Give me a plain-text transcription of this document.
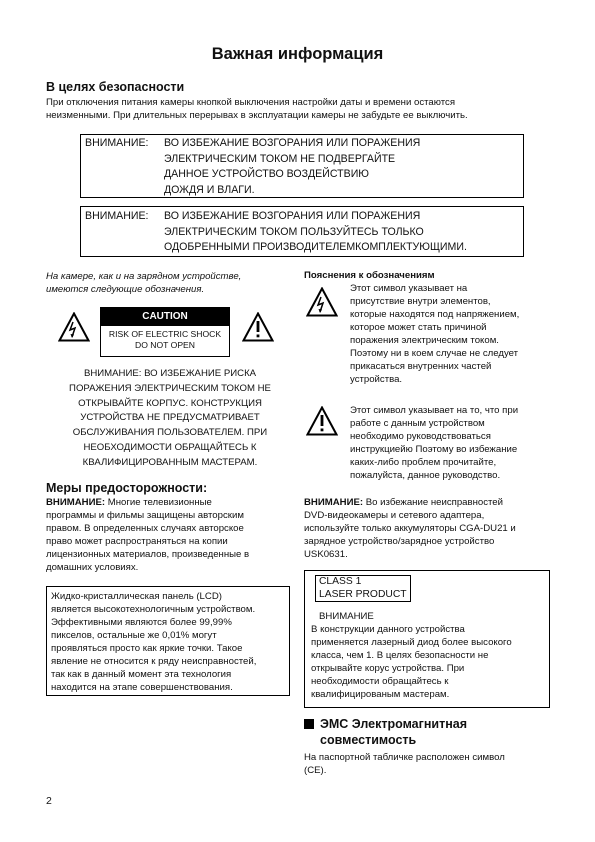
Важная информация
В целях безопасности
При отключения питания камеры кнопкой выключения настройки даты и времени остаются
неизменными. При длительных перерывах в эксплуатации камеры не забудьте ее выключить.
ВНИМАНИЕ: ВО ИЗБЕЖАНИЕ ВОЗГОРАНИЯ ИЛИ ПОРАЖЕНИЯ
ЭЛЕКТРИЧЕСКИМ ТОКОМ НЕ ПОДВЕРГАЙТЕ
ДАННОЕ УСТРОЙСТВО ВОЗДЕЙСТВИЮ
ДОЖДЯ И ВЛАГИ.
ВНИМАНИЕ: ВО ИЗБЕЖАНИЕ ВОЗГОРАНИЯ ИЛИ ПОРАЖЕНИЯ
ЭЛЕКТРИЧЕСКИМ ТОКОМ ПОЛЬЗУЙТЕСЬ ТОЛЬКО
ОДОБРЕННЫМИ ПРОИЗВОДИТЕЛЕМКОМПЛЕКТУЮЩИМИ.
На камере, как и на зарядном устройстве,
имеются следующие обозначения.
CAUTION
RISK OF ELECTRIC SHOCK
DO NOT OPEN
ВНИМАНИЕ: ВО ИЗБЕЖАНИЕ РИСКА
ПОРАЖЕНИЯ ЭЛЕКТРИЧЕСКИМ ТОКОМ НЕ
ОТКРЫВАЙТЕ КОРПУС. КОНСТРУКЦИЯ
УСТРОЙСТВА НЕ ПРЕДУСМАТРИВАЕТ
ОБСЛУЖИВАНИЯ ПОЛЬЗОВАТЕЛЕМ. ПРИ
НЕОБХОДИМОСТИ ОБРАЩАЙТЕСЬ К
КВАЛИФИЦИРОВАННЫМ МАСТЕРАМ.
Меры предосторожности:
ВНИМАНИЕ: Многие телевизионные
программы и фильмы защищены авторским
правом. В определенных случаях авторское
право может распространяться на копии
лицензионных материалов, произведенные в
домашних условиях.
Жидко-кристаллическая панель (LCD)
является высокотехнологичным устройством.
Эффективными являются более 99,99%
пикселов, остальные же 0,01% могут
проявляться просто как яркие точки. Такое
явление не относится к ряду неисправностей,
так как в данный момент эта технология
находится на этапе совершенствования.
Пояснения к обозначениям
Этот символ указывает на
присутствие внутри элементов,
которые находятся под напряжением,
которое может стать причиной
поражения электрическим током.
Поэтому ни в коем случае не следует
прикасаться внутренних частей
устройства.
Этот символ указывает на то, что при
работе с данным устройством
необходимо руководствоваться
инструкциейю Поэтому во избежание
каких-либо проблем прочитайте,
пожалуйста, данное руководство.
ВНИМАНИЕ: Во избежание неисправностей
DVD-видеокамеры и сетевого адаптера,
используйте только аккумуляторы CGA-DU21 и
зарядное устройство/зарядное устройство
USK0631.
CLASS 1
LASER PRODUCT
ВНИМАНИЕ
В конструкции данного устройства
применяется лазерный диод более высокого
класса, чем 1. В целях безопасности не
открывайте корус устройства. При
необходимости обращайтесь к
квалифицированым мастерам.
ЭМС Электромагнитная
совместимость
На паспортной табличке расположен символ
(CE).
2
